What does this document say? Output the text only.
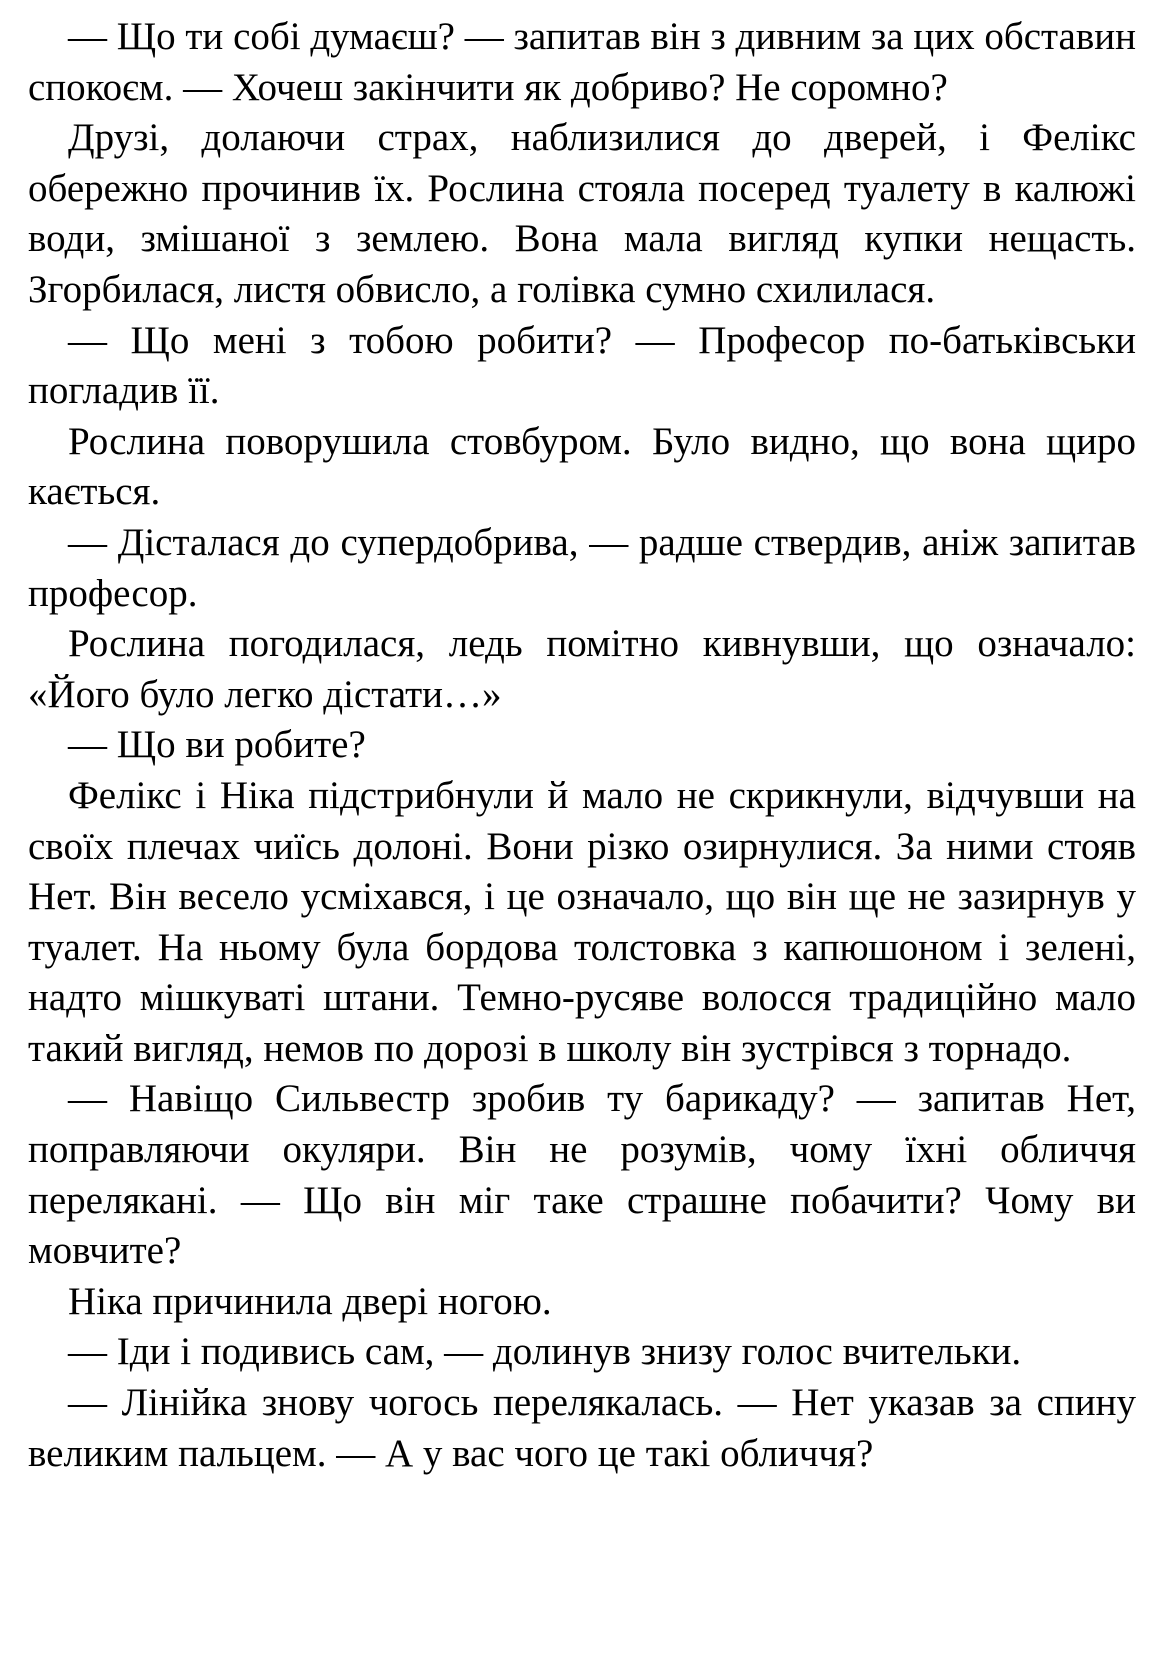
— Що ти собі думаєш? — запитав він з дивним за цих обставин спокоєм. — Хочеш закінчити як добриво? Не соромно?

Друзі, долаючи страх, наблизилися до дверей, і Фелікс обережно прочинив їх. Рослина стояла посеред туалету в калюжі води, змішаної з землею. Вона мала вигляд купки нещасть. Згорбилася, листя обвисло, а голівка сумно схилилася.

— Що мені з тобою робити? — Професор по-батьківськи погладив її.

Рослина поворушила стовбуром. Було видно, що вона щиро кається.

— Дісталася до супердобрива, — радше ствердив, аніж запитав професор.

Рослина погодилася, ледь помітно кивнувши, що означало: «Його було легко дістати…»

— Що ви робите?

Фелікс і Ніка підстрибнули й мало не скрикнули, відчувши на своїх плечах чиїсь долоні. Вони різко озирнулися. За ними стояв Нет. Він весело усміхався, і це означало, що він ще не зазирнув у туалет. На ньому була бордова толстовка з капюшоном і зелені, надто мішкуваті штани. Темно-русяве волосся традиційно мало такий вигляд, немов по дорозі в школу він зустрівся з торнадо.

— Навіщо Сильвестр зробив ту барикаду? — запитав Нет, поправляючи окуляри. Він не розумів, чому їхні обличчя перелякані. — Що він міг таке страшне побачити? Чому ви мовчите?

Ніка причинила двері ногою.

— Іди і подивись сам, — долинув знизу голос вчительки.

— Лінійка знову чогось перелякалась. — Нет указав за спину великим пальцем. — А у вас чого це такі обличчя?
